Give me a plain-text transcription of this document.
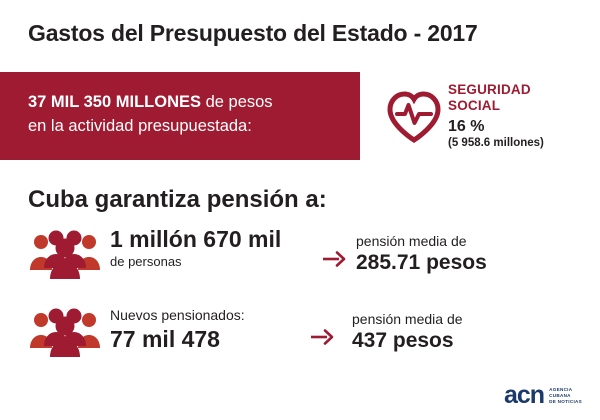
Gastos del Presupuesto del Estado - 2017
37 MIL 350 MILLONES de pesos
en la actividad presupuestada:
SEGURIDAD
SOCIAL
16 %
(5 958.6 millones)
Cuba garantiza pensión a:
1 millón 670 mil
de personas
pensión media de
285.71 pesos
Nuevos pensionados:
77 mil 478
pensión media de
437 pesos
acn AGENCIA
CUBANA
DE NOTICIAS
